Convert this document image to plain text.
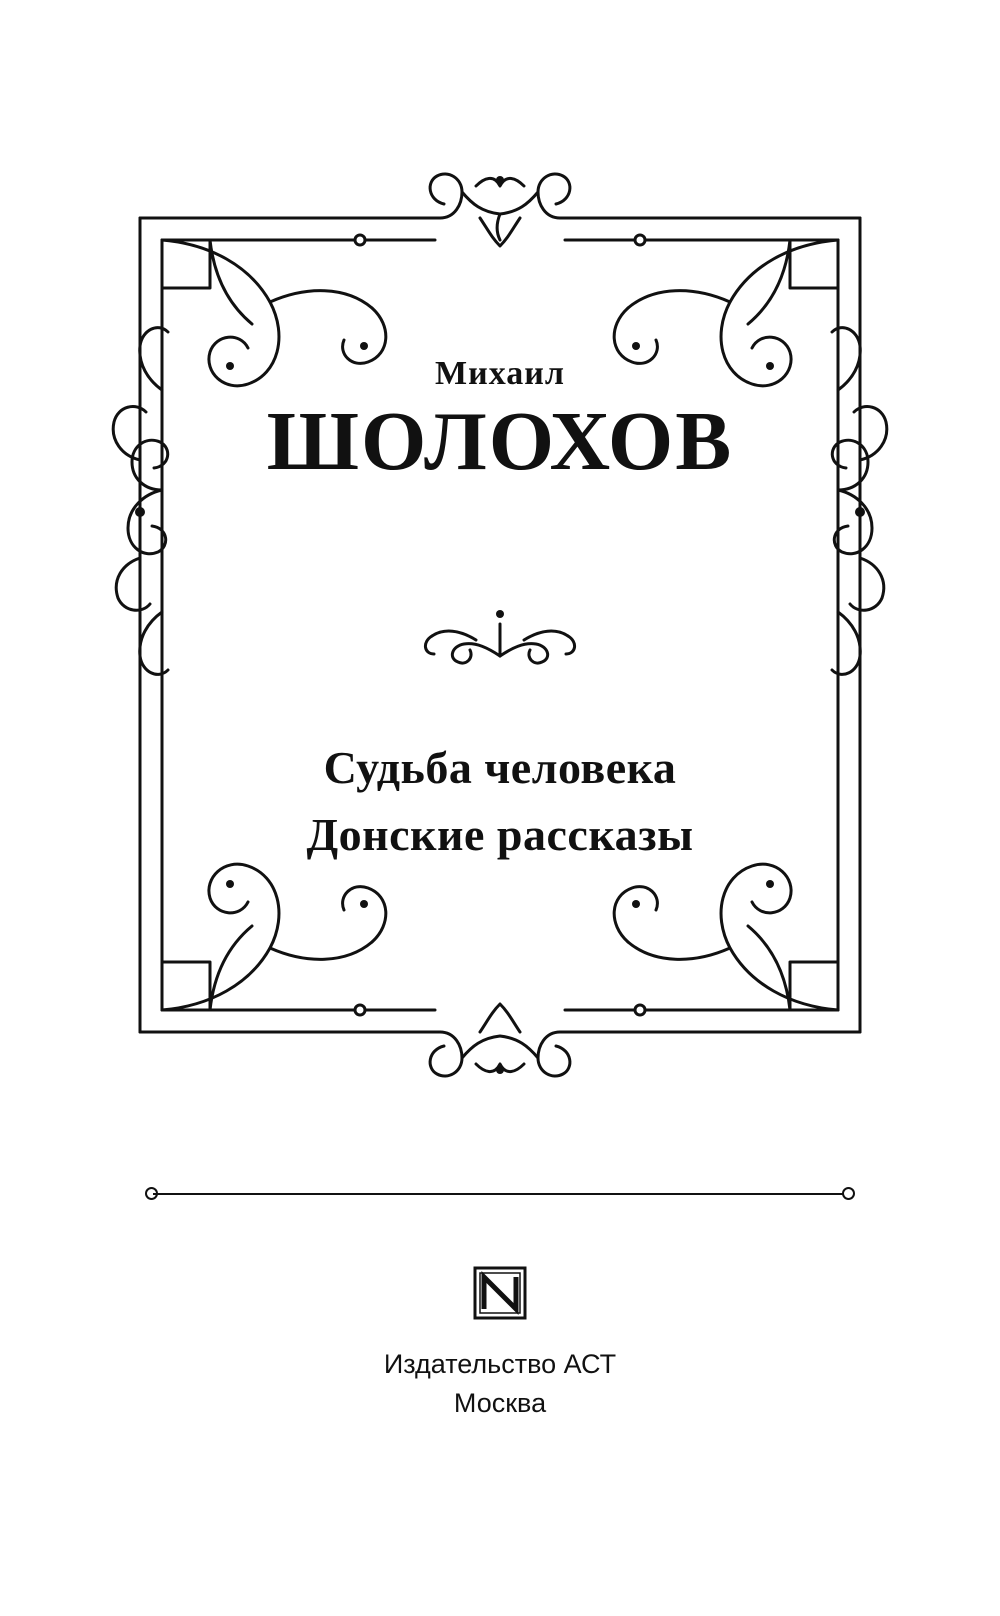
Михаил

ШОЛОХОВ

Судьба человека

Донские рассказы

Издательство АСТ

Москва
